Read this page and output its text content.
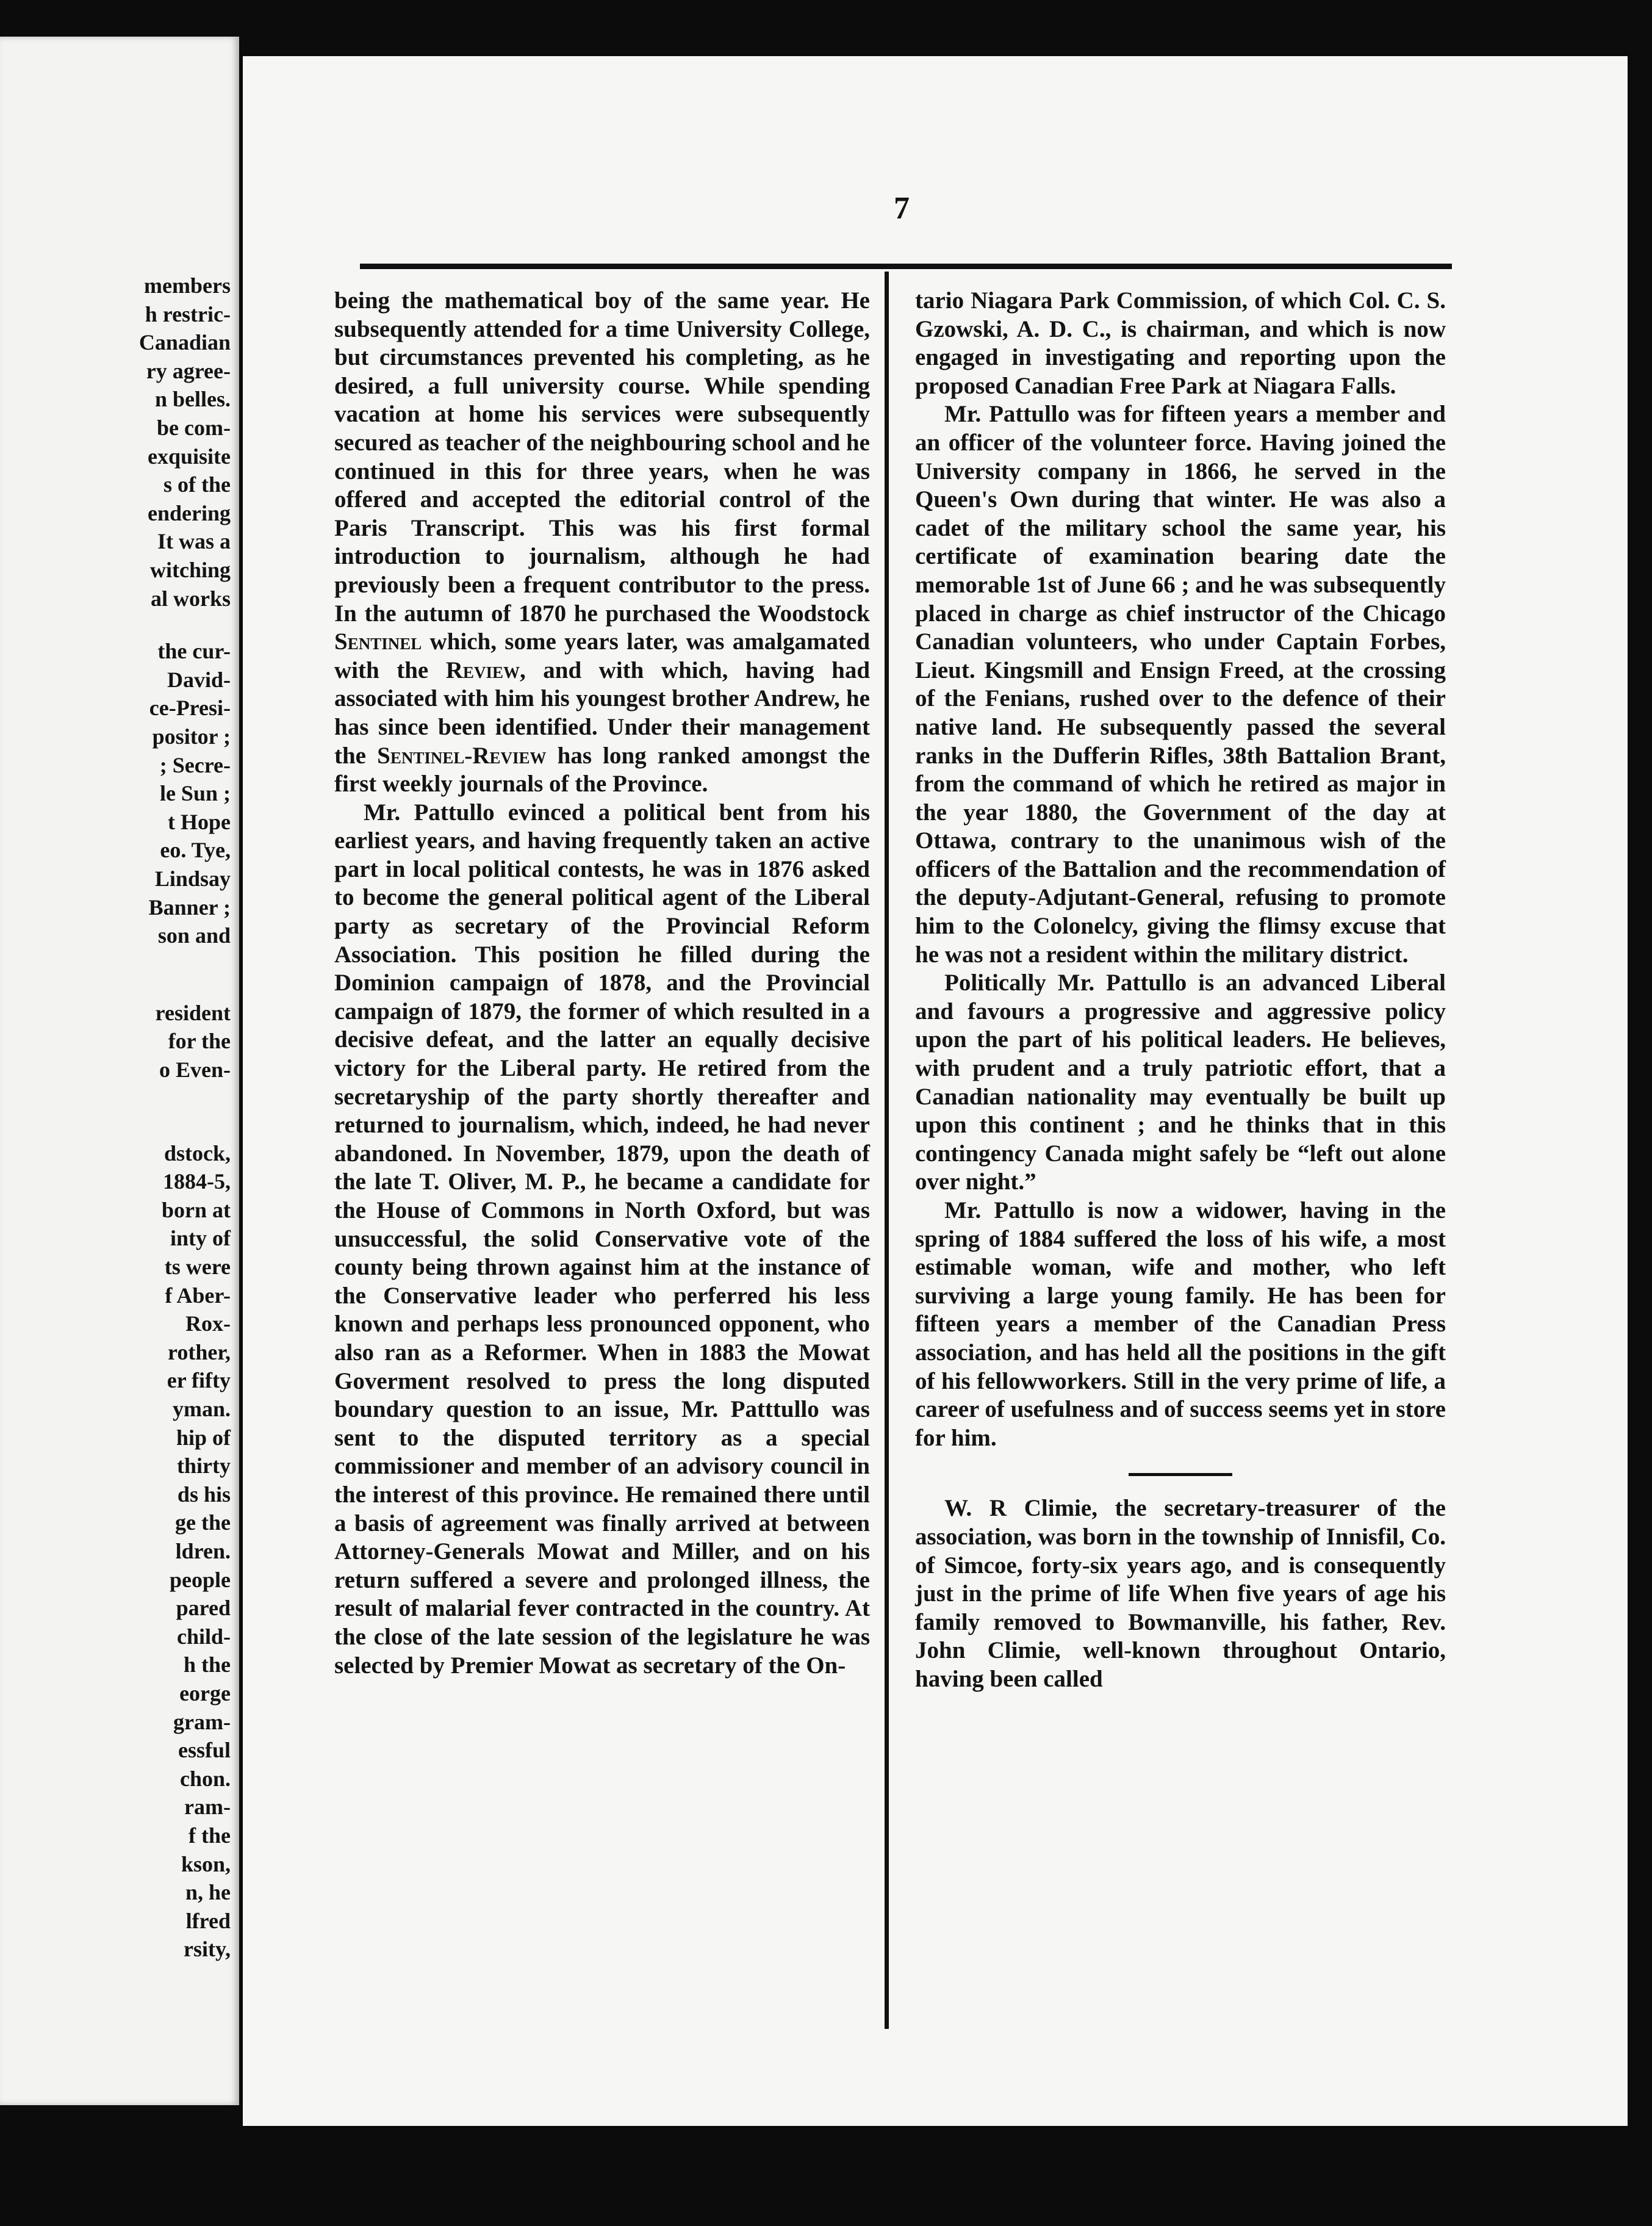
members
h restric-
Canadian
ry agree-
n belles.
be com-
exquisite
s of the
endering
It was a
witching
al works
the cur-
David-
ce-Presi-
positor ;
; Secre-
le Sun ;
t Hope
eo. Tye,
Lindsay
Banner ;
son and
resident
for the
o Even-
dstock,
1884-5,
born at
inty of
ts were
f Aber-
Rox-
rother,
er fifty
yman.
hip of
thirty
ds his
ge the
ldren.
people
pared
child-
h the
eorge
gram-
essful
chon.
ram-
f the
kson,
n, he
lfred
rsity,
7

being the mathematical boy of the same year. He subsequently attended for a time University College, but circumstances prevented his completing, as he desired, a full university course. While spending vacation at home his services were subsequently secured as teacher of the neighbouring school and he continued in this for three years, when he was offered and accepted the editorial control of the Paris Transcript. This was his first formal introduction to journalism, although he had previously been a frequent contributor to the press. In the autumn of 1870 he purchased the Woodstock Sentinel which, some years later, was amalgamated with the Review, and with which, having had associated with him his youngest brother Andrew, he has since been identified. Under their management the Sentinel-Review has long ranked amongst the first weekly journals of the Province.

Mr. Pattullo evinced a political bent from his earliest years, and having frequently taken an active part in local political contests, he was in 1876 asked to become the general political agent of the Liberal party as secretary of the Provincial Reform Association. This position he filled during the Dominion campaign of 1878, and the Provincial campaign of 1879, the former of which resulted in a decisive defeat, and the latter an equally decisive victory for the Liberal party. He retired from the secretaryship of the party shortly thereafter and returned to journalism, which, indeed, he had never abandoned. In November, 1879, upon the death of the late T. Oliver, M. P., he became a candidate for the House of Commons in North Oxford, but was unsuccessful, the solid Conservative vote of the county being thrown against him at the instance of the Conservative leader who perferred his less known and perhaps less pronounced opponent, who also ran as a Reformer. When in 1883 the Mowat Goverment resolved to press the long disputed boundary question to an issue, Mr. Patttullo was sent to the disputed territory as a special commissioner and member of an advisory council in the interest of this province. He remained there until a basis of agreement was finally arrived at between Attorney-Generals Mowat and Miller, and on his return suffered a severe and prolonged illness, the result of malarial fever contracted in the country. At the close of the late session of the legislature he was selected by Premier Mowat as secretary of the On-

tario Niagara Park Commission, of which Col. C. S. Gzowski, A. D. C., is chairman, and which is now engaged in investigating and reporting upon the proposed Canadian Free Park at Niagara Falls.

Mr. Pattullo was for fifteen years a member and an officer of the volunteer force. Having joined the University company in 1866, he served in the Queen's Own during that winter. He was also a cadet of the military school the same year, his certificate of examination bearing date the memorable 1st of June 66 ; and he was subsequently placed in charge as chief instructor of the Chicago Canadian volunteers, who under Captain Forbes, Lieut. Kingsmill and Ensign Freed, at the crossing of the Fenians, rushed over to the defence of their native land. He subsequently passed the several ranks in the Dufferin Rifles, 38th Battalion Brant, from the command of which he retired as major in the year 1880, the Government of the day at Ottawa, contrary to the unanimous wish of the officers of the Battalion and the recommendation of the deputy-Adjutant-General, refusing to promote him to the Colonelcy, giving the flimsy excuse that he was not a resident within the military district.

Politically Mr. Pattullo is an advanced Liberal and favours a progressive and aggressive policy upon the part of his political leaders. He believes, with prudent and a truly patriotic effort, that a Canadian nationality may eventually be built up upon this continent ; and he thinks that in this contingency Canada might safely be “left out alone over night.”

Mr. Pattullo is now a widower, having in the spring of 1884 suffered the loss of his wife, a most estimable woman, wife and mother, who left surviving a large young family. He has been for fifteen years a member of the Canadian Press association, and has held all the positions in the gift of his fellowworkers. Still in the very prime of life, a career of usefulness and of success seems yet in store for him.

W. R Climie, the secretary-treasurer of the association, was born in the township of Innisfil, Co. of Simcoe, forty-six years ago, and is consequently just in the prime of life When five years of age his family removed to Bowmanville, his father, Rev. John Climie, well-known throughout Ontario, having been called
